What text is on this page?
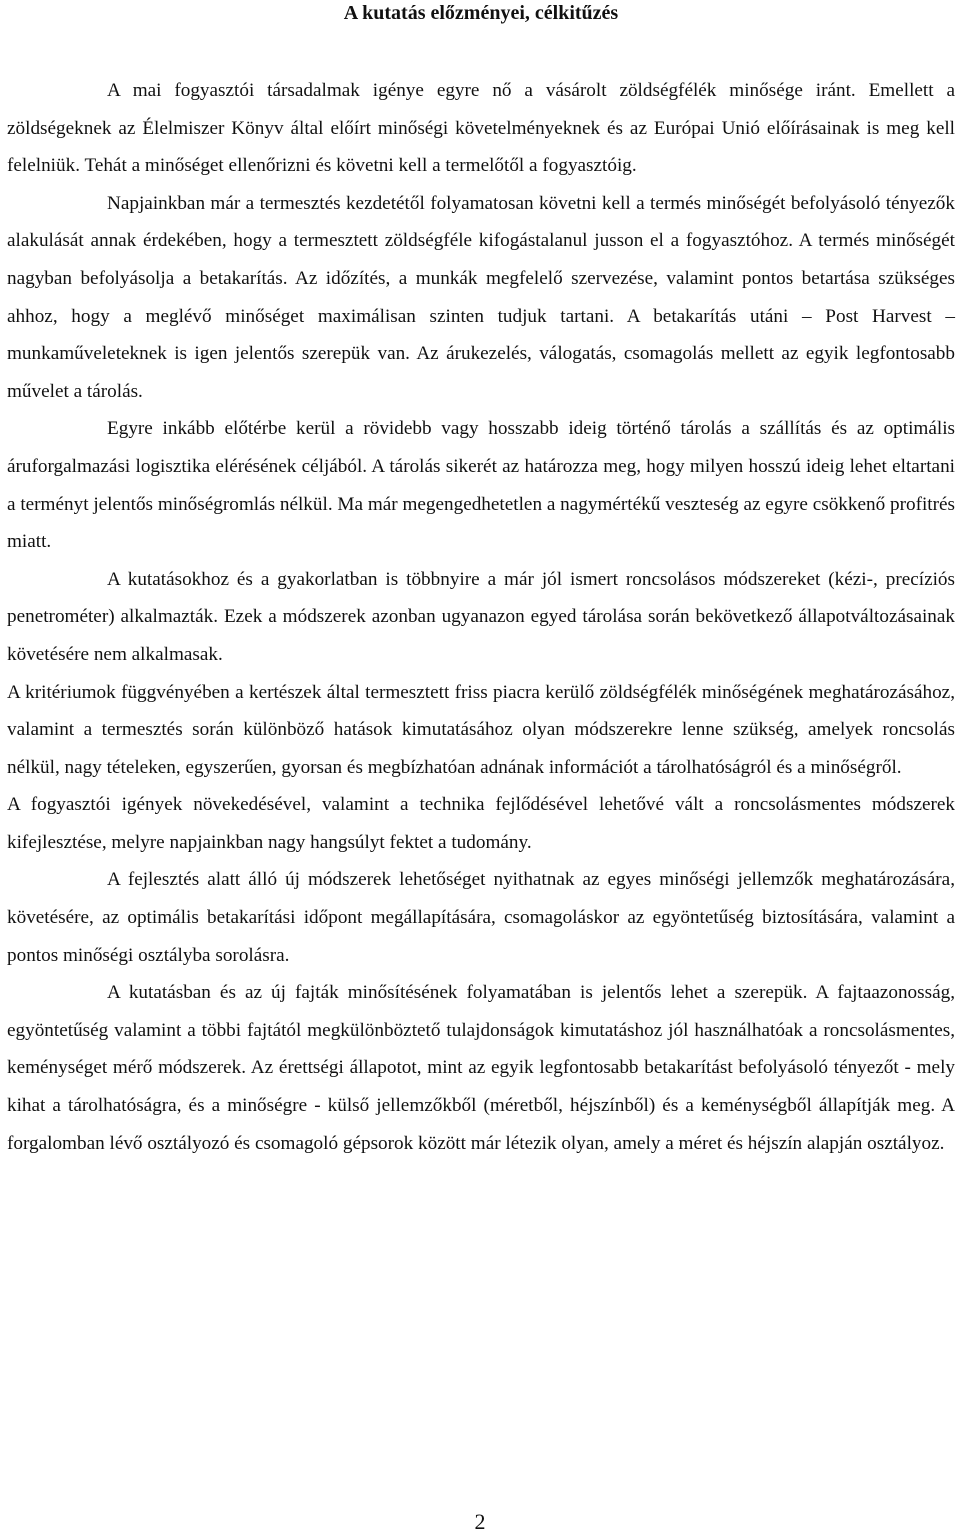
A kutatás előzményei, célkitűzés

A mai fogyasztói társadalmak igénye egyre nő a vásárolt zöldségfélék minősége iránt. Emellett a zöldségeknek az Élelmiszer Könyv által előírt minőségi követelményeknek és az Európai Unió előírásainak is meg kell felelniük. Tehát a minőséget ellenőrizni és követni kell a termelőtől a fogyasztóig.

Napjainkban már a termesztés kezdetétől folyamatosan követni kell a termés minőségét befolyásoló tényezők alakulását annak érdekében, hogy a termesztett zöldségféle kifogástalanul jusson el a fogyasztóhoz. A termés minőségét nagyban befolyásolja a betakarítás. Az időzítés, a munkák megfelelő szervezése, valamint pontos betartása szükséges ahhoz, hogy a meglévő minőséget maximálisan szinten tudjuk tartani. A betakarítás utáni – Post Harvest – munkaműveleteknek is igen jelentős szerepük van. Az árukezelés, válogatás, csomagolás mellett az egyik legfontosabb művelet a tárolás.

Egyre inkább előtérbe kerül a rövidebb vagy hosszabb ideig történő tárolás a szállítás és az optimális áruforgalmazási logisztika elérésének céljából. A tárolás sikerét az határozza meg, hogy milyen hosszú ideig lehet eltartani a terményt jelentős minőségromlás nélkül. Ma már megengedhetetlen a nagymértékű veszteség az egyre csökkenő profitrés miatt.

A kutatásokhoz és a gyakorlatban is többnyire a már jól ismert roncsolásos módszereket (kézi-, precíziós penetrométer) alkalmazták. Ezek a módszerek azonban ugyanazon egyed tárolása során bekövetkező állapotváltozásainak követésére nem alkalmasak.

A kritériumok függvényében a kertészek által termesztett friss piacra kerülő zöldségfélék minőségének meghatározásához, valamint a termesztés során különböző hatások kimutatásához olyan módszerekre lenne szükség, amelyek roncsolás nélkül, nagy tételeken, egyszerűen, gyorsan és megbízhatóan adnának információt a tárolhatóságról és a minőségről.

A fogyasztói igények növekedésével, valamint a technika fejlődésével lehetővé vált a roncsolásmentes módszerek kifejlesztése, melyre napjainkban nagy hangsúlyt fektet a tudomány.

A fejlesztés alatt álló új módszerek lehetőséget nyithatnak az egyes minőségi jellemzők meghatározására, követésére, az optimális betakarítási időpont megállapítására, csomagoláskor az egyöntetűség biztosítására, valamint a pontos minőségi osztályba sorolásra.

A kutatásban és az új fajták minősítésének folyamatában is jelentős lehet a szerepük. A fajtaazonosság, egyöntetűség valamint a többi fajtától megkülönböztető tulajdonságok kimutatáshoz jól használhatóak a roncsolásmentes, keménységet mérő módszerek. Az érettségi állapotot, mint az egyik legfontosabb betakarítást befolyásoló tényezőt - mely kihat a tárolhatóságra, és a minőségre - külső jellemzőkből (méretből, héjszínből) és a keménységből állapítják meg. A forgalomban lévő osztályozó és csomagoló gépsorok között már létezik olyan, amely a méret és héjszín alapján osztályoz.

2
